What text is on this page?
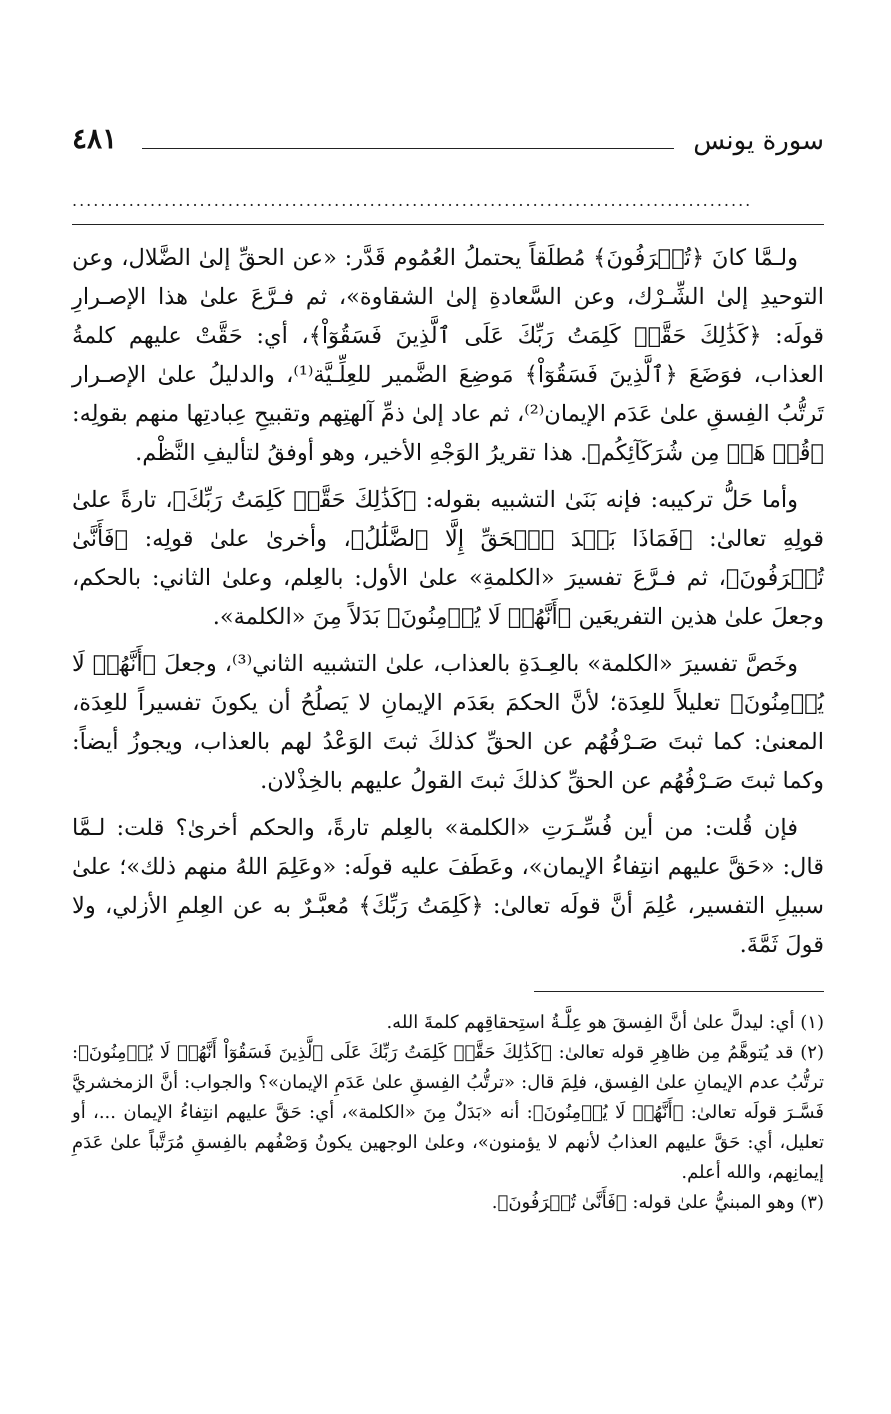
سورة يونس
٤٨١
................................................................................................

ولـمَّا كانَ ﴿تُصۡرَفُونَ﴾ مُطلَقاً يحتملُ العُمُوم قَدَّر: «عن الحقِّ إلىٰ الضَّلال، وعن التوحيدِ إلىٰ الشِّـرْك، وعن السَّعادةِ إلىٰ الشقاوة»، ثم فـرَّعَ علىٰ هذا الإصـرارِ قولَه: ﴿كَذَٰلِكَ حَقَّتۡ كَلِمَتُ رَبِّكَ عَلَى ٱلَّذِينَ فَسَقُوٓاْ﴾، أي: حَقَّتْ عليهم كلمةُ العذاب، فوَضَعَ ﴿ٱلَّذِينَ فَسَقُوٓاْ﴾ مَوضِعَ الضَّمير للعِلِّـيَّة⁽¹⁾، والدليلُ علىٰ الإصـرار تَرتُّبُ الفِسقِ علىٰ عَدَم الإيمان⁽²⁾، ثم عاد إلىٰ ذمِّ آلهتِهم وتقبيحِ عِبادتِها منهم بقولِه: ﴿قُلۡ هَلۡ مِن شُرَكَآئِكُم﴾. هذا تقريرُ الوَجْهِ الأخير، وهو أوفقُ لتأليفِ النَّظْم.

وأما حَلُّ تركيبه: فإنه بَنَىٰ التشبيه بقوله: ﴿كَذَٰلِكَ حَقَّتۡ كَلِمَتُ رَبِّكَ﴾، تارةً علىٰ قولِهِ تعالىٰ: ﴿فَمَاذَا بَعۡدَ ٱلۡحَقِّ إِلَّا ٱلضَّلَٰلُ﴾، وأخرىٰ علىٰ قولِه: ﴿فَأَنَّىٰ تُصۡرَفُونَ﴾، ثم فـرَّعَ تفسيرَ «الكلمةِ» علىٰ الأول: بالعِلم، وعلىٰ الثاني: بالحكم، وجعلَ علىٰ هذين التفريعَين ﴿أَنَّهُمۡ لَا يُؤۡمِنُونَ﴾ بَدَلاً مِنَ «الكلمة».

وخَصَّ تفسيرَ «الكلمة» بالعِـدَةِ بالعذاب، علىٰ التشبيه الثاني⁽³⁾، وجعلَ ﴿أَنَّهُمۡ لَا يُؤۡمِنُونَ﴾ تعليلاً للعِدَة؛ لأنَّ الحكمَ بعَدَم الإيمانِ لا يَصلُحُ أن يكونَ تفسيراً للعِدَة، المعنىٰ: كما ثبتَ صَـرْفُهُم عن الحقِّ كذلكَ ثبتَ الوَعْدُ لهم بالعذاب، ويجوزُ أيضاً: وكما ثبتَ صَـرْفُهُم عن الحقِّ كذلكَ ثبتَ القولُ عليهم بالخِذْلان.

فإن قُلت: من أين فُسِّـرَتِ «الكلمة» بالعِلم تارةً، والحكم أخرىٰ؟ قلت: لـمَّا قال: «حَقَّ عليهم انتِفاءُ الإيمان»، وعَطَفَ عليه قولَه: «وعَلِمَ اللهُ منهم ذلك»؛ علىٰ سبيلِ التفسير، عُلِمَ أنَّ قولَه تعالىٰ: ﴿كَلِمَتُ رَبِّكَ﴾ مُعبَّـرٌ به عن العِلمِ الأزلي، ولا قولَ ثَمَّةَ.

(١) أي: ليدلَّ علىٰ أنَّ الفِسقَ هو عِلَّـةُ استِحقاقِهم كلمةَ الله.

(٢) قد يُتوهَّمُ مِن ظاهِرِ قوله تعالىٰ: ﴿كَذَٰلِكَ حَقَّتۡ كَلِمَتُ رَبِّكَ عَلَى ٱلَّذِينَ فَسَقُوٓاْ أَنَّهُمۡ لَا يُؤۡمِنُونَ﴾: ترتُّبُ عدم الإيمانِ علىٰ الفِسق، فلِمَ قال: «ترتُّبُ الفِسقِ علىٰ عَدَمِ الإيمان»؟ والجواب: أنَّ الزمخشريَّ فَسَّـرَ قولَه تعالىٰ: ﴿أَنَّهُمۡ لَا يُؤۡمِنُونَ﴾: أنه «بَدَلٌ مِنَ «الكلمة»، أي: حَقَّ عليهم انتِفاءُ الإيمان ...، أو تعليل، أي: حَقَّ عليهم العذابُ لأنهم لا يؤمنون»، وعلىٰ الوجهين يكونُ وَصْفُهم بالفِسقِ مُرَتَّباً علىٰ عَدَمِ إيمانِهم، والله أعلم.

(٣) وهو المبنيُّ علىٰ قوله: ﴿فَأَنَّىٰ تُصۡرَفُونَ﴾.
